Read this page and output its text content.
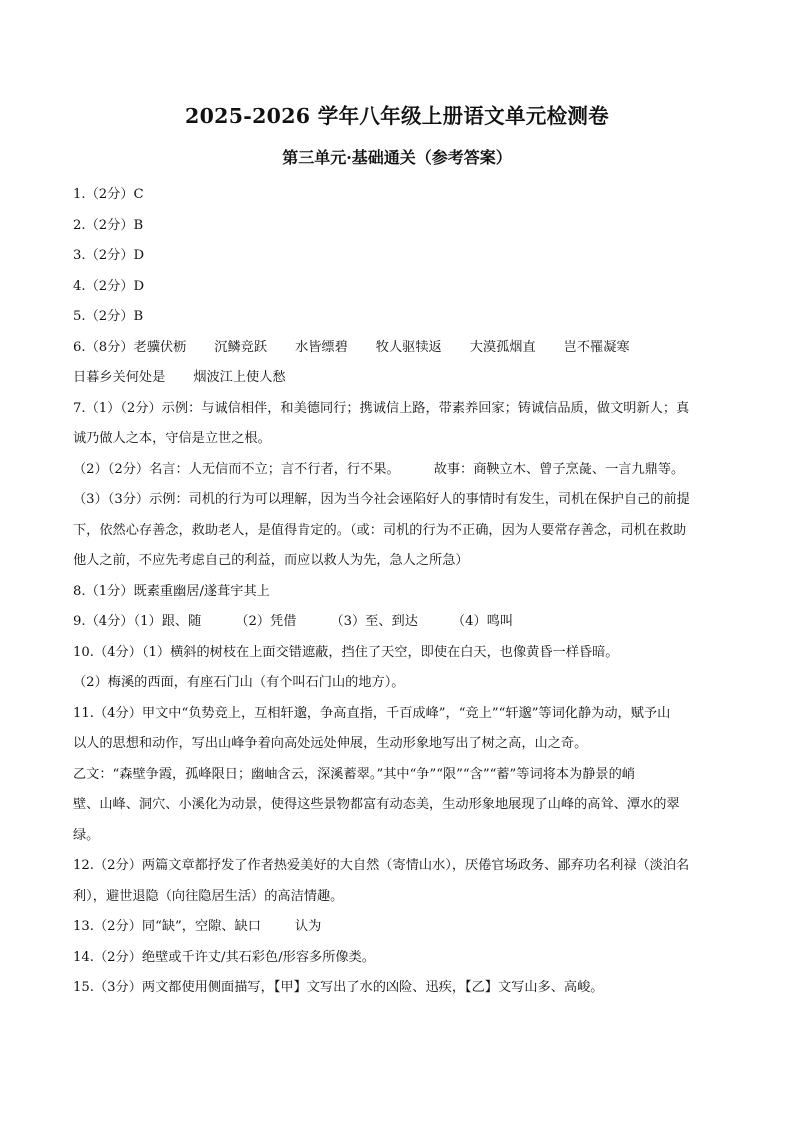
2025-2026 学年八年级上册语文单元检测卷
第三单元·基础通关（参考答案）
1.（2分）C
2.（2分）B
3.（2分）D
4.（2分）D
5.（2分）B
6.（8分）老骥伏枥 沉鳞竞跃 水皆缥碧 牧人驱犊返 大漠孤烟直 岂不罹凝寒
日暮乡关何处是 烟波江上使人愁
7.（1）（2分）示例：与诚信相伴，和美德同行；携诚信上路，带素养回家；铸诚信品质，做文明新人；真
诚乃做人之本，守信是立世之根。
（2）（2分）名言：人无信而不立；言不行者，行不果。	故事：商鞅立木、曾子烹彘、一言九鼎等。
（3）（3分）示例：司机的行为可以理解，因为当今社会诬陷好人的事情时有发生，司机在保护自己的前提
下，依然心存善念，救助老人，是值得肯定的。（或：司机的行为不正确，因为人要常存善念，司机在救助
他人之前，不应先考虑自己的利益，而应以救人为先，急人之所急）
8.（1分）既素重幽居/遂葺宇其上
9.（4分）（1）跟、随	（2）凭借	（3）至、到达	（4）鸣叫
10.（4分）（1）横斜的树枝在上面交错遮蔽，挡住了天空，即使在白天，也像黄昏一样昏暗。
（2）梅溪的西面，有座石门山（有个叫石门山的地方）。
11.（4分）甲文中“负势竞上，互相轩邈，争高直指，千百成峰”，“竞上”“轩邈”等词化静为动，赋予山
以人的思想和动作，写出山峰争着向高处远处伸展，生动形象地写出了树之高，山之奇。
乙文：“森壁争霞，孤峰限日；幽岫含云，深溪蓄翠。”其中“争”“限”“含”“蓄”等词将本为静景的峭
壁、山峰、洞穴、小溪化为动景，使得这些景物都富有动态美，生动形象地展现了山峰的高耸、潭水的翠
绿。
12.（2分）两篇文章都抒发了作者热爱美好的大自然（寄情山水），厌倦官场政务、鄙弃功名利禄（淡泊名
利），避世退隐（向往隐居生活）的高洁情趣。
13.（2分）同“缺”，空隙、缺口	认为
14.（2分）绝壁或千许丈/其石彩色/形容多所像类。
15.（3分）两文都使用侧面描写，【甲】文写出了水的凶险、迅疾，【乙】文写山多、高峻。
